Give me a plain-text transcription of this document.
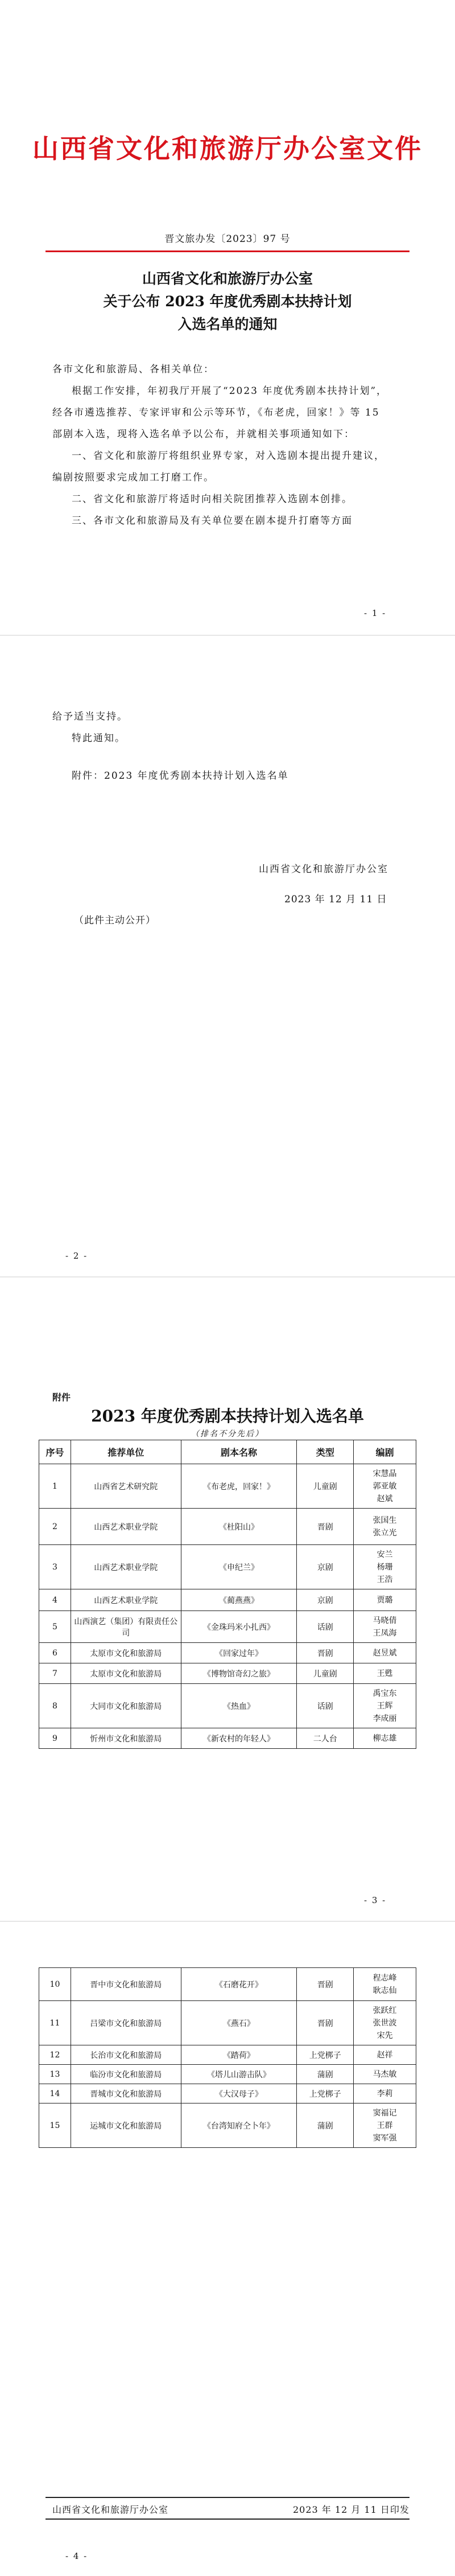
山西省文化和旅游厅办公室文件
晋文旅办发〔2023〕97 号
山西省文化和旅游厅办公室
关于公布 2023 年度优秀剧本扶持计划
入选名单的通知

各市文化和旅游局、各相关单位：

根据工作安排，年初我厅开展了“2023 年度优秀剧本扶持计划”，经各市遴选推荐、专家评审和公示等环节，《布老虎，回家！》等 15 部剧本入选，现将入选名单予以公布，并就相关事项通知如下：

一、省文化和旅游厅将组织业界专家，对入选剧本提出提升建议，编剧按照要求完成加工打磨工作。

二、省文化和旅游厅将适时向相关院团推荐入选剧本创排。

三、各市文化和旅游局及有关单位要在剧本提升打磨等方面

- 1 -

给予适当支持。

特此通知。

附件：2023 年度优秀剧本扶持计划入选名单

山西省文化和旅游厅办公室
2023 年 12 月 11 日
（此件主动公开）
- 2 -
附件
2023 年度优秀剧本扶持计划入选名单
（排名不分先后）
序号	推荐单位	剧本名称	类型	编剧
1	山西省艺术研究院	《布老虎，回家！》	儿童剧	宋慧晶
郭亚敏
赵斌

2	山西艺术职业学院	《杜阳山》	晋剧	张国生
张立光

3	山西艺术职业学院	《申纪兰》	京剧	安兰
杨珊
王浩

4	山西艺术职业学院	《蔺燕燕》	京剧	贾璐

5	山西演艺（集团）有限责任公司	《金珠玛米小扎西》	话剧	马晓倩
王凤海

6	太原市文化和旅游局	《回家过年》	晋剧	赵昱斌

7	太原市文化和旅游局	《博物馆奇幻之旅》	儿童剧	王甦

8	大同市文化和旅游局	《热血》	话剧	禹宝东
王辉
李成丽

9	忻州市文化和旅游局	《新农村的年轻人》	二人台	柳志雄
- 3 -
10	晋中市文化和旅游局	《石磨花开》	晋剧	程志峰
耿志仙

11	吕梁市文化和旅游局	《燕石》	晋剧	张跃红
张世波
宋先

12	长治市文化和旅游局	《踏荷》	上党梆子	赵祥

13	临汾市文化和旅游局	《塔儿山游击队》	蒲剧	马杰敏

14	晋城市文化和旅游局	《大汉母子》	上党梆子	李莉

15	运城市文化和旅游局	《台湾知府仝卜年》	蒲剧	窦福记
王群
窦军强
山西省文化和旅游厅办公室	2023 年 12 月 11 日印发
- 4 -
